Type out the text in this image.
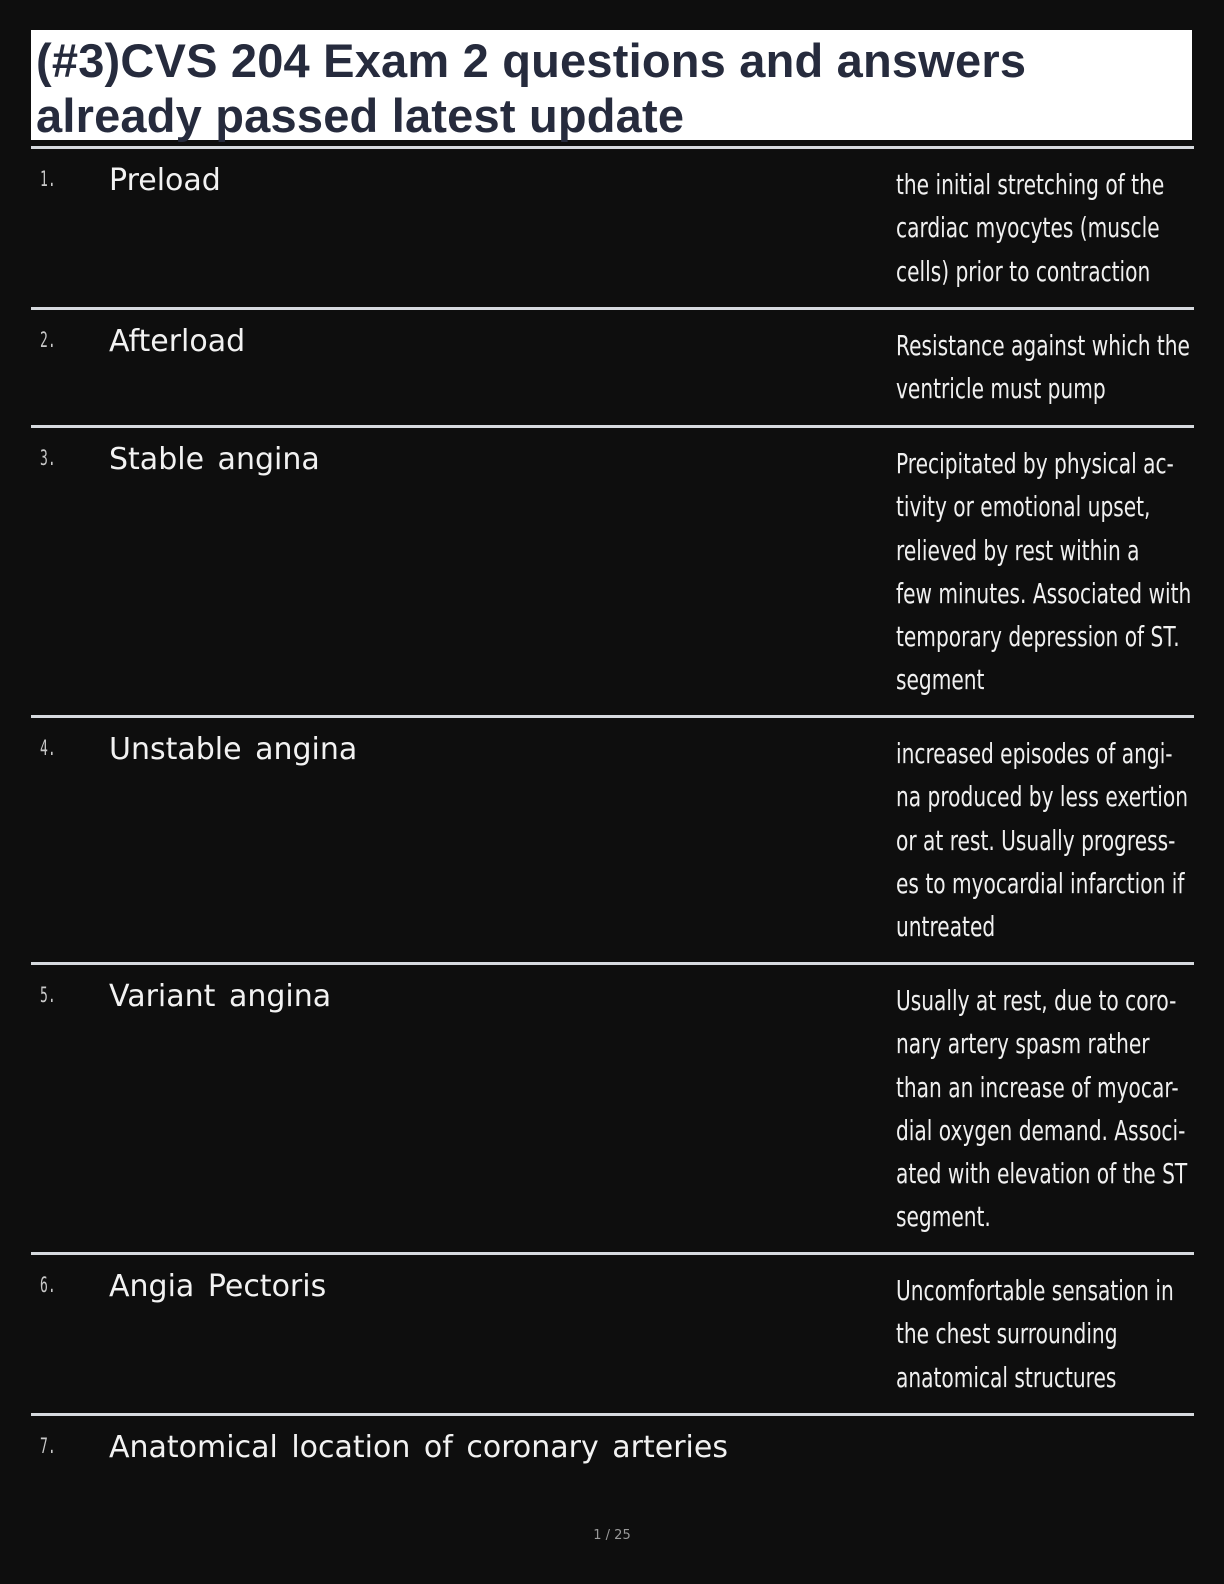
(#3)CVS 204 Exam 2 questions and answers
already passed latest update
1. Preload	the initial stretching of the
cardiac myocytes (muscle
cells) prior to contraction
2. Afterload	Resistance against which the
ventricle must pump
3. Stable angina	Precipitated by physical ac-
tivity or emotional upset,
relieved by rest within a
few minutes. Associated with
temporary depression of ST.
segment
4. Unstable angina	increased episodes of angi-
na produced by less exertion
or at rest. Usually progress-
es to myocardial infarction if
untreated
5. Variant angina	Usually at rest, due to coro-
nary artery spasm rather
than an increase of myocar-
dial oxygen demand. Associ-
ated with elevation of the ST
segment.
6. Angia Pectoris	Uncomfortable sensation in
the chest surrounding
anatomical structures
7. Anatomical location of coronary arteries
1 / 25
